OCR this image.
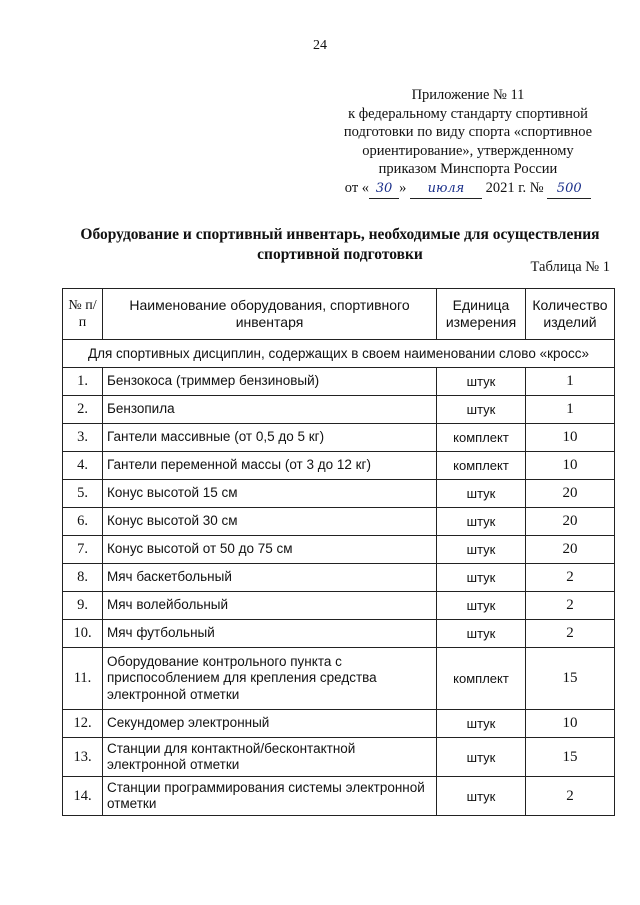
24
Приложение № 11
к федеральному стандарту спортивной
подготовки по виду спорта «спортивное
ориентирование», утвержденному
приказом Минспорта России
от « 30 » июля 2021 г. № 500
Оборудование и спортивный инвентарь, необходимые для осуществления спортивной подготовки
Таблица № 1
№ п/п	Наименование оборудования, спортивного инвентаря	Единица измерения	Количество изделий
Для спортивных дисциплин, содержащих в своем наименовании слово «кросс»			
1.	Бензокоса (триммер бензиновый)	штук	1
2.	Бензопила	штук	1
3.	Гантели массивные (от 0,5 до 5 кг)	комплект	10
4.	Гантели переменной массы (от 3 до 12 кг)	комплект	10
5.	Конус высотой 15 см	штук	20
6.	Конус высотой 30 см	штук	20
7.	Конус высотой от 50 до 75 см	штук	20
8.	Мяч баскетбольный	штук	2
9.	Мяч волейбольный	штук	2
10.	Мяч футбольный	штук	2
11.	Оборудование контрольного пункта с приспособлением для крепления средства электронной отметки	комплект	15
12.	Секундомер электронный	штук	10
13.	Станции для контактной/бесконтактной электронной отметки	штук	15
14.	Станции программирования системы электронной отметки	штук	2
